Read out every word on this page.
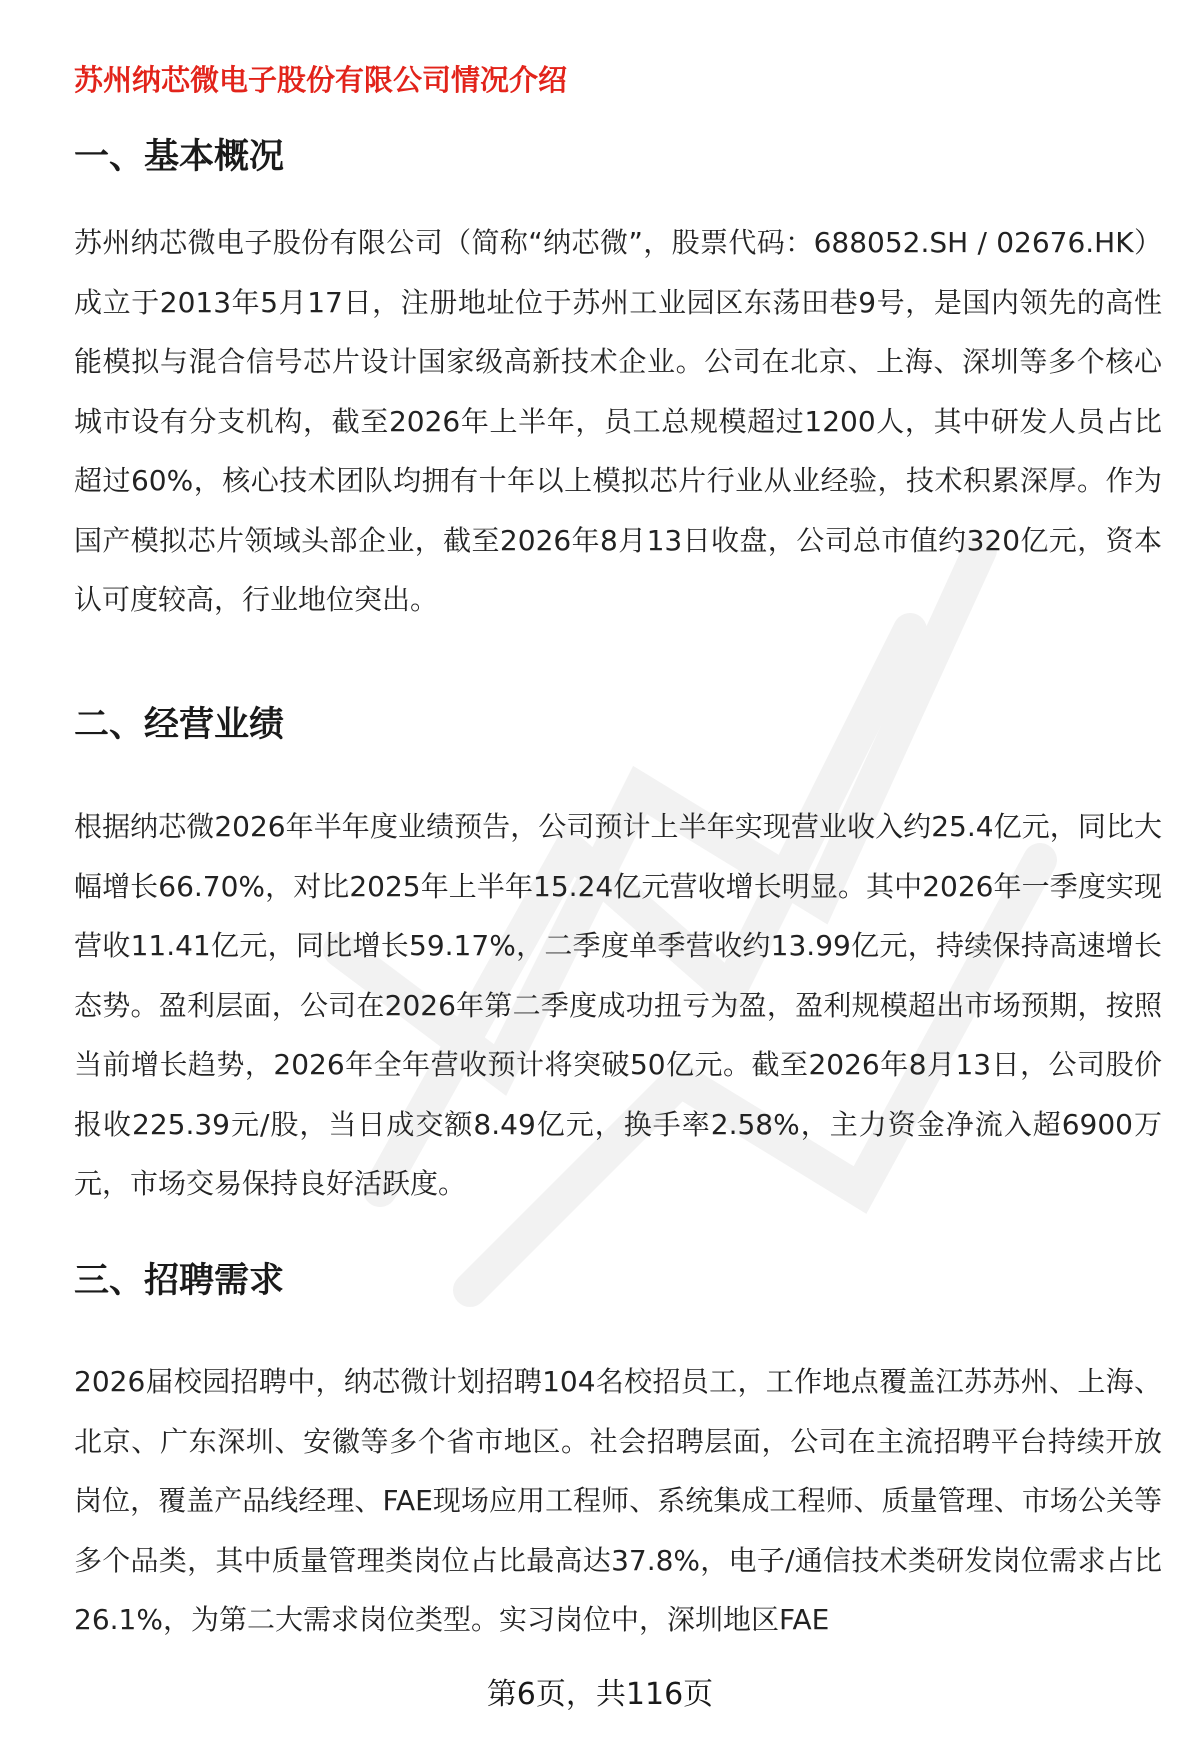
苏州纳芯微电子股份有限公司情况介绍
一、基本概况

苏州纳芯微电子股份有限公司（简称“纳芯微”，股票代码：688052.SH / 02676.HK）成立于2013年5月17日，注册地址位于苏州工业园区东荡田巷9号，是国内领先的高性能模拟与混合信号芯片设计国家级高新技术企业。公司在北京、上海、深圳等多个核心城市设有分支机构，截至2026年上半年，员工总规模超过1200人，其中研发人员占比超过60%，核心技术团队均拥有十年以上模拟芯片行业从业经验，技术积累深厚。作为国产模拟芯片领域头部企业，截至2026年8月13日收盘，公司总市值约320亿元，资本认可度较高，行业地位突出。

二、经营业绩

根据纳芯微2026年半年度业绩预告，公司预计上半年实现营业收入约25.4亿元，同比大幅增长66.70%，对比2025年上半年15.24亿元营收增长明显。其中2026年一季度实现营收11.41亿元，同比增长59.17%，二季度单季营收约13.99亿元，持续保持高速增长态势。盈利层面，公司在2026年第二季度成功扭亏为盈，盈利规模超出市场预期，按照当前增长趋势，2026年全年营收预计将突破50亿元。截至2026年8月13日，公司股价报收225.39元/股，当日成交额8.49亿元，换手率2.58%，主力资金净流入超6900万元，市场交易保持良好活跃度。

三、招聘需求

2026届校园招聘中，纳芯微计划招聘104名校招员工，工作地点覆盖江苏苏州、上海、北京、广东深圳、安徽等多个省市地区。社会招聘层面，公司在主流招聘平台持续开放岗位，覆盖产品线经理、FAE现场应用工程师、系统集成工程师、质量管理、市场公关等多个品类，其中质量管理类岗位占比最高达37.8%，电子/通信技术类研发岗位需求占比26.1%，为第二大需求岗位类型。实习岗位中，深圳地区FAE

第6页，共116页
